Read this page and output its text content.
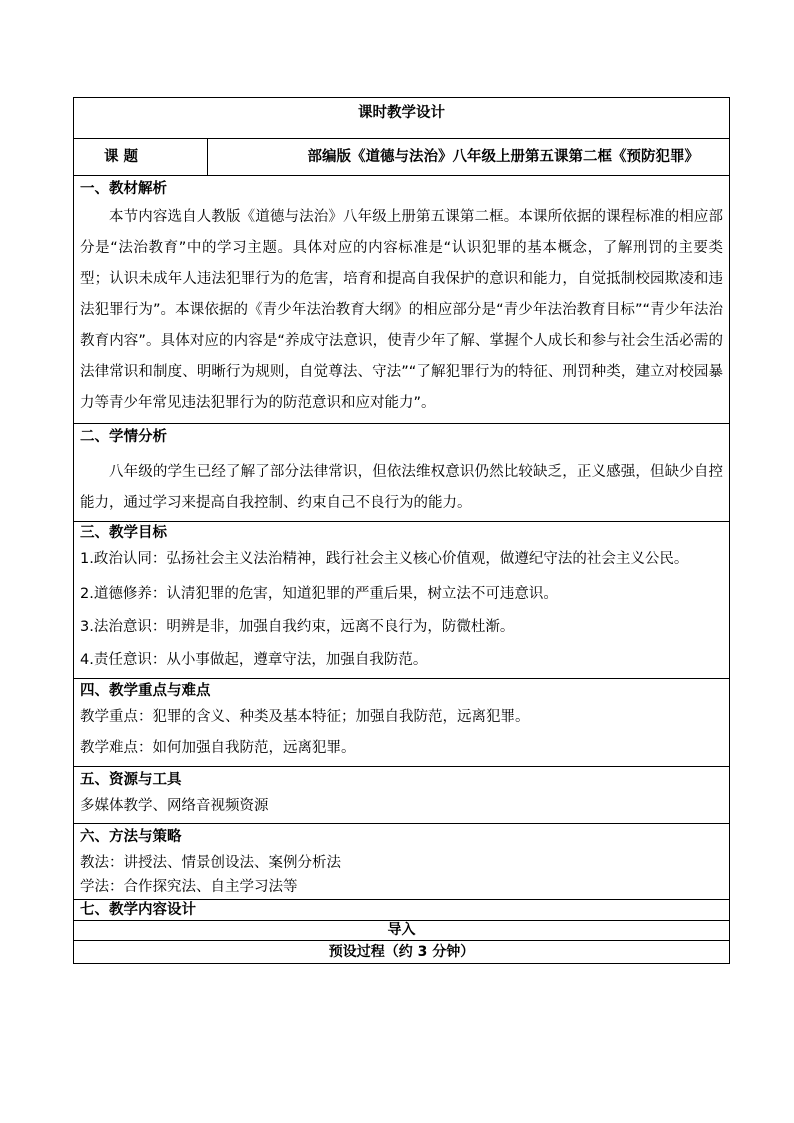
课时教学设计
课 题	部编版《道德与法治》八年级上册第五课第二框《预防犯罪》

一、教材解析
本节内容选自人教版《道德与法治》八年级上册第五课第二框。本课所依据的课程标准的相应部分是“法治教育”中的学习主题。具体对应的内容标准是“认识犯罪的基本概念，了解刑罚的主要类型；认识未成年人违法犯罪行为的危害，培育和提高自我保护的意识和能力，自觉抵制校园欺凌和违法犯罪行为”。本课依据的《青少年法治教育大纲》的相应部分是“青少年法治教育目标”“青少年法治教育内容”。具体对应的内容是“养成守法意识，使青少年了解、掌握个人成长和参与社会生活必需的法律常识和制度、明晰行为规则，自觉尊法、守法”“了解犯罪行为的特征、刑罚种类，建立对校园暴力等青少年常见违法犯罪行为的防范意识和应对能力”。

二、学情分析
八年级的学生已经了解了部分法律常识，但依法维权意识仍然比较缺乏，正义感强，但缺少自控能力，通过学习来提高自我控制、约束自己不良行为的能力。

三、教学目标
1.政治认同：弘扬社会主义法治精神，践行社会主义核心价值观，做遵纪守法的社会主义公民。
2.道德修养：认清犯罪的危害，知道犯罪的严重后果，树立法不可违意识。
3.法治意识：明辨是非，加强自我约束，远离不良行为，防微杜渐。
4.责任意识：从小事做起，遵章守法，加强自我防范。

四、教学重点与难点
教学重点：犯罪的含义、种类及基本特征；加强自我防范，远离犯罪。
教学难点：如何加强自我防范，远离犯罪。

五、资源与工具
多媒体教学、网络音视频资源

六、方法与策略
教法：讲授法、情景创设法、案例分析法
学法：合作探究法、自主学习法等

七、教学内容设计
导入
预设过程（约 3 分钟）
